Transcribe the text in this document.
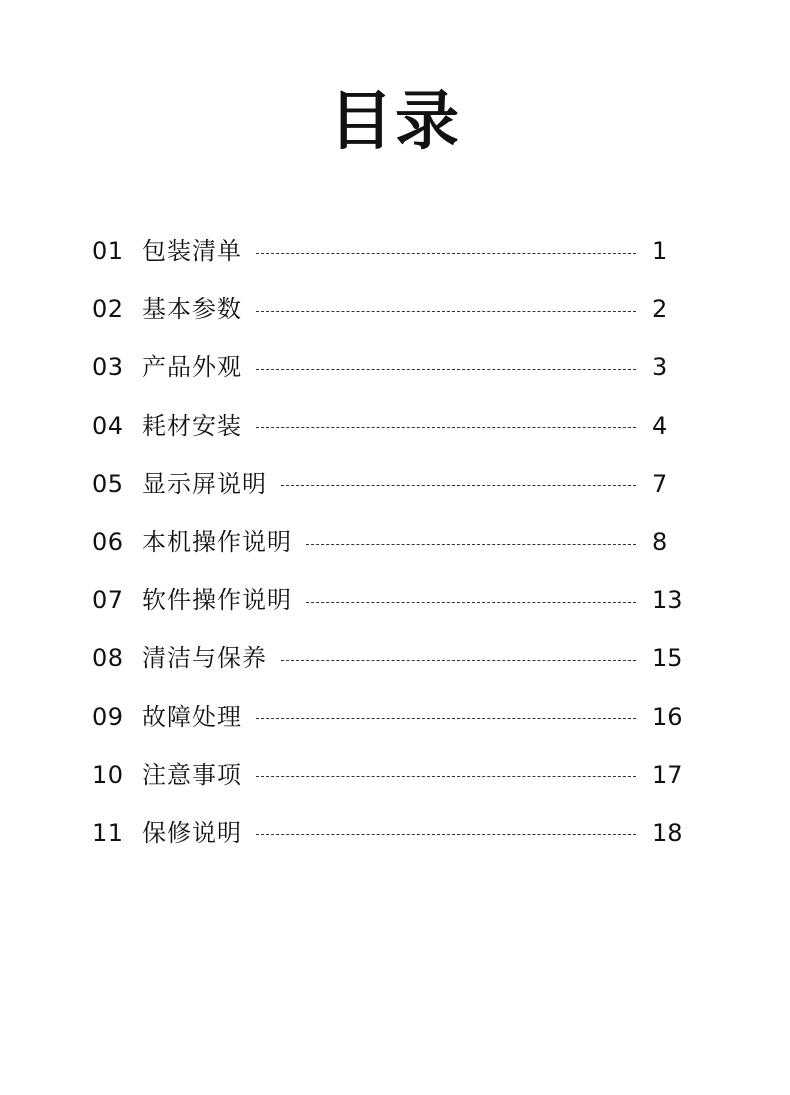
目录
01 包装清单	1
02 基本参数	2
03 产品外观	3
04 耗材安装	4
05 显示屏说明	7
06 本机操作说明	8
07 软件操作说明	13
08 清洁与保养	15
09 故障处理	16
10 注意事项	17
11 保修说明	18
